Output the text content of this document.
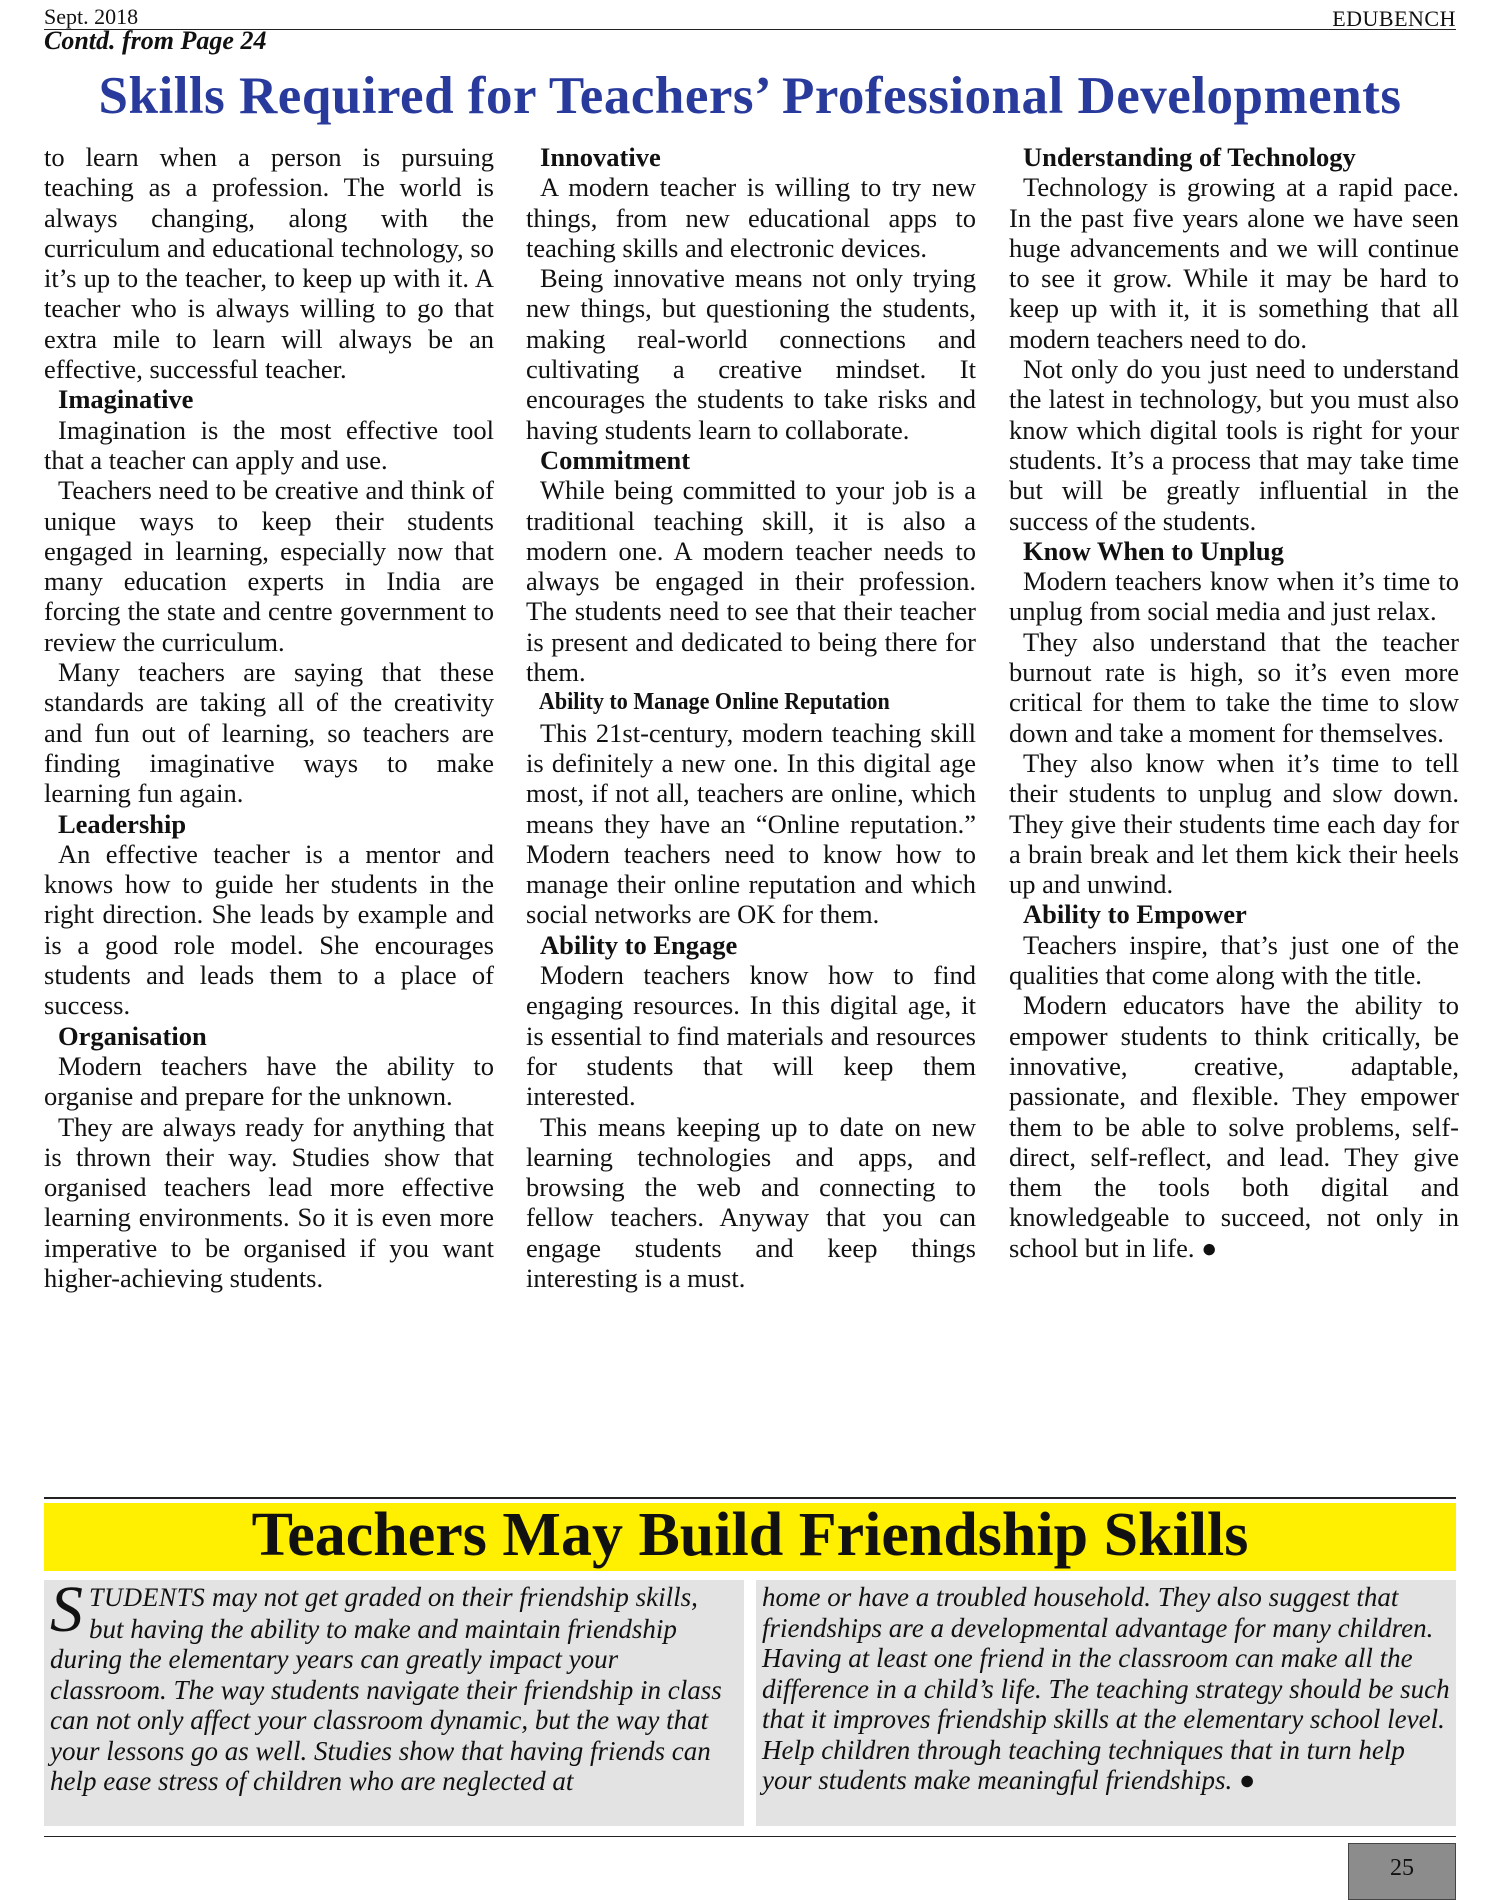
Sept. 2018	EDUBENCH
Contd. from Page 24
Skills Required for Teachers’ Professional Developments

to learn when a person is pursuing teaching as a profession. The world is always changing, along with the curriculum and educational technology, so it’s up to the teacher, to keep up with it. A teacher who is always willing to go that extra mile to learn will always be an effective, successful teacher.

Imaginative

Imagination is the most effective tool that a teacher can apply and use.

Teachers need to be creative and think of unique ways to keep their students engaged in learning, especially now that many education experts in India are forcing the state and centre government to review the curriculum.

Many teachers are saying that these standards are taking all of the creativity and fun out of learning, so teachers are finding imaginative ways to make learning fun again.

Leadership

An effective teacher is a mentor and knows how to guide her students in the right direction. She leads by example and is a good role model. She encourages students and leads them to a place of success.

Organisation

Modern teachers have the ability to organise and prepare for the unknown.

They are always ready for anything that is thrown their way. Studies show that organised teachers lead more effective learning environments. So it is even more imperative to be organised if you want higher-achieving students.

Innovative

A modern teacher is willing to try new things, from new educational apps to teaching skills and electronic devices.

Being innovative means not only trying new things, but questioning the students, making real-world connections and cultivating a creative mindset. It encourages the students to take risks and having students learn to collaborate.

Commitment

While being committed to your job is a traditional teaching skill, it is also a modern one. A modern teacher needs to always be engaged in their profession. The students need to see that their teacher is present and dedicated to being there for them.

Ability to Manage Online Reputation

This 21st-century, modern teaching skill is definitely a new one. In this digital age most, if not all, teachers are online, which means they have an “Online reputation.” Modern teachers need to know how to manage their online reputation and which social networks are OK for them.

Ability to Engage

Modern teachers know how to find engaging resources. In this digital age, it is essential to find materials and resources for students that will keep them interested.

This means keeping up to date on new learning technologies and apps, and browsing the web and connecting to fellow teachers. Anyway that you can engage students and keep things interesting is a must.

Understanding of Technology

Technology is growing at a rapid pace. In the past five years alone we have seen huge advancements and we will continue to see it grow. While it may be hard to keep up with it, it is something that all modern teachers need to do.

Not only do you just need to understand the latest in technology, but you must also know which digital tools is right for your students. It’s a process that may take time but will be greatly influential in the success of the students.

Know When to Unplug

Modern teachers know when it’s time to unplug from social media and just relax.

They also understand that the teacher burnout rate is high, so it’s even more critical for them to take the time to slow down and take a moment for themselves.

They also know when it’s time to tell their students to unplug and slow down. They give their students time each day for a brain break and let them kick their heels up and unwind.

Ability to Empower

Teachers inspire, that’s just one of the qualities that come along with the title.

Modern educators have the ability to empower students to think critically, be innovative, creative, adaptable, passionate, and flexible. They empower them to be able to solve problems, self-direct, self-reflect, and lead. They give them the tools both digital and knowledgeable to succeed, not only in school but in life. ●

Teachers May Build Friendship Skills
STUDENTS may not get graded on their friendship skills, but having the ability to make and maintain friendship during the elementary years can greatly impact your classroom. The way students navigate their friendship in class can not only affect your classroom dynamic, but the way that your lessons go as well. Studies show that having friends can help ease stress of children who are neglected at
home or have a troubled household. They also suggest that friendships are a developmental advantage for many children. Having at least one friend in the classroom can make all the difference in a child’s life. The teaching strategy should be such that it improves friendship skills at the elementary school level. Help children through teaching techniques that in turn help your students make meaningful friendships. ●
25
